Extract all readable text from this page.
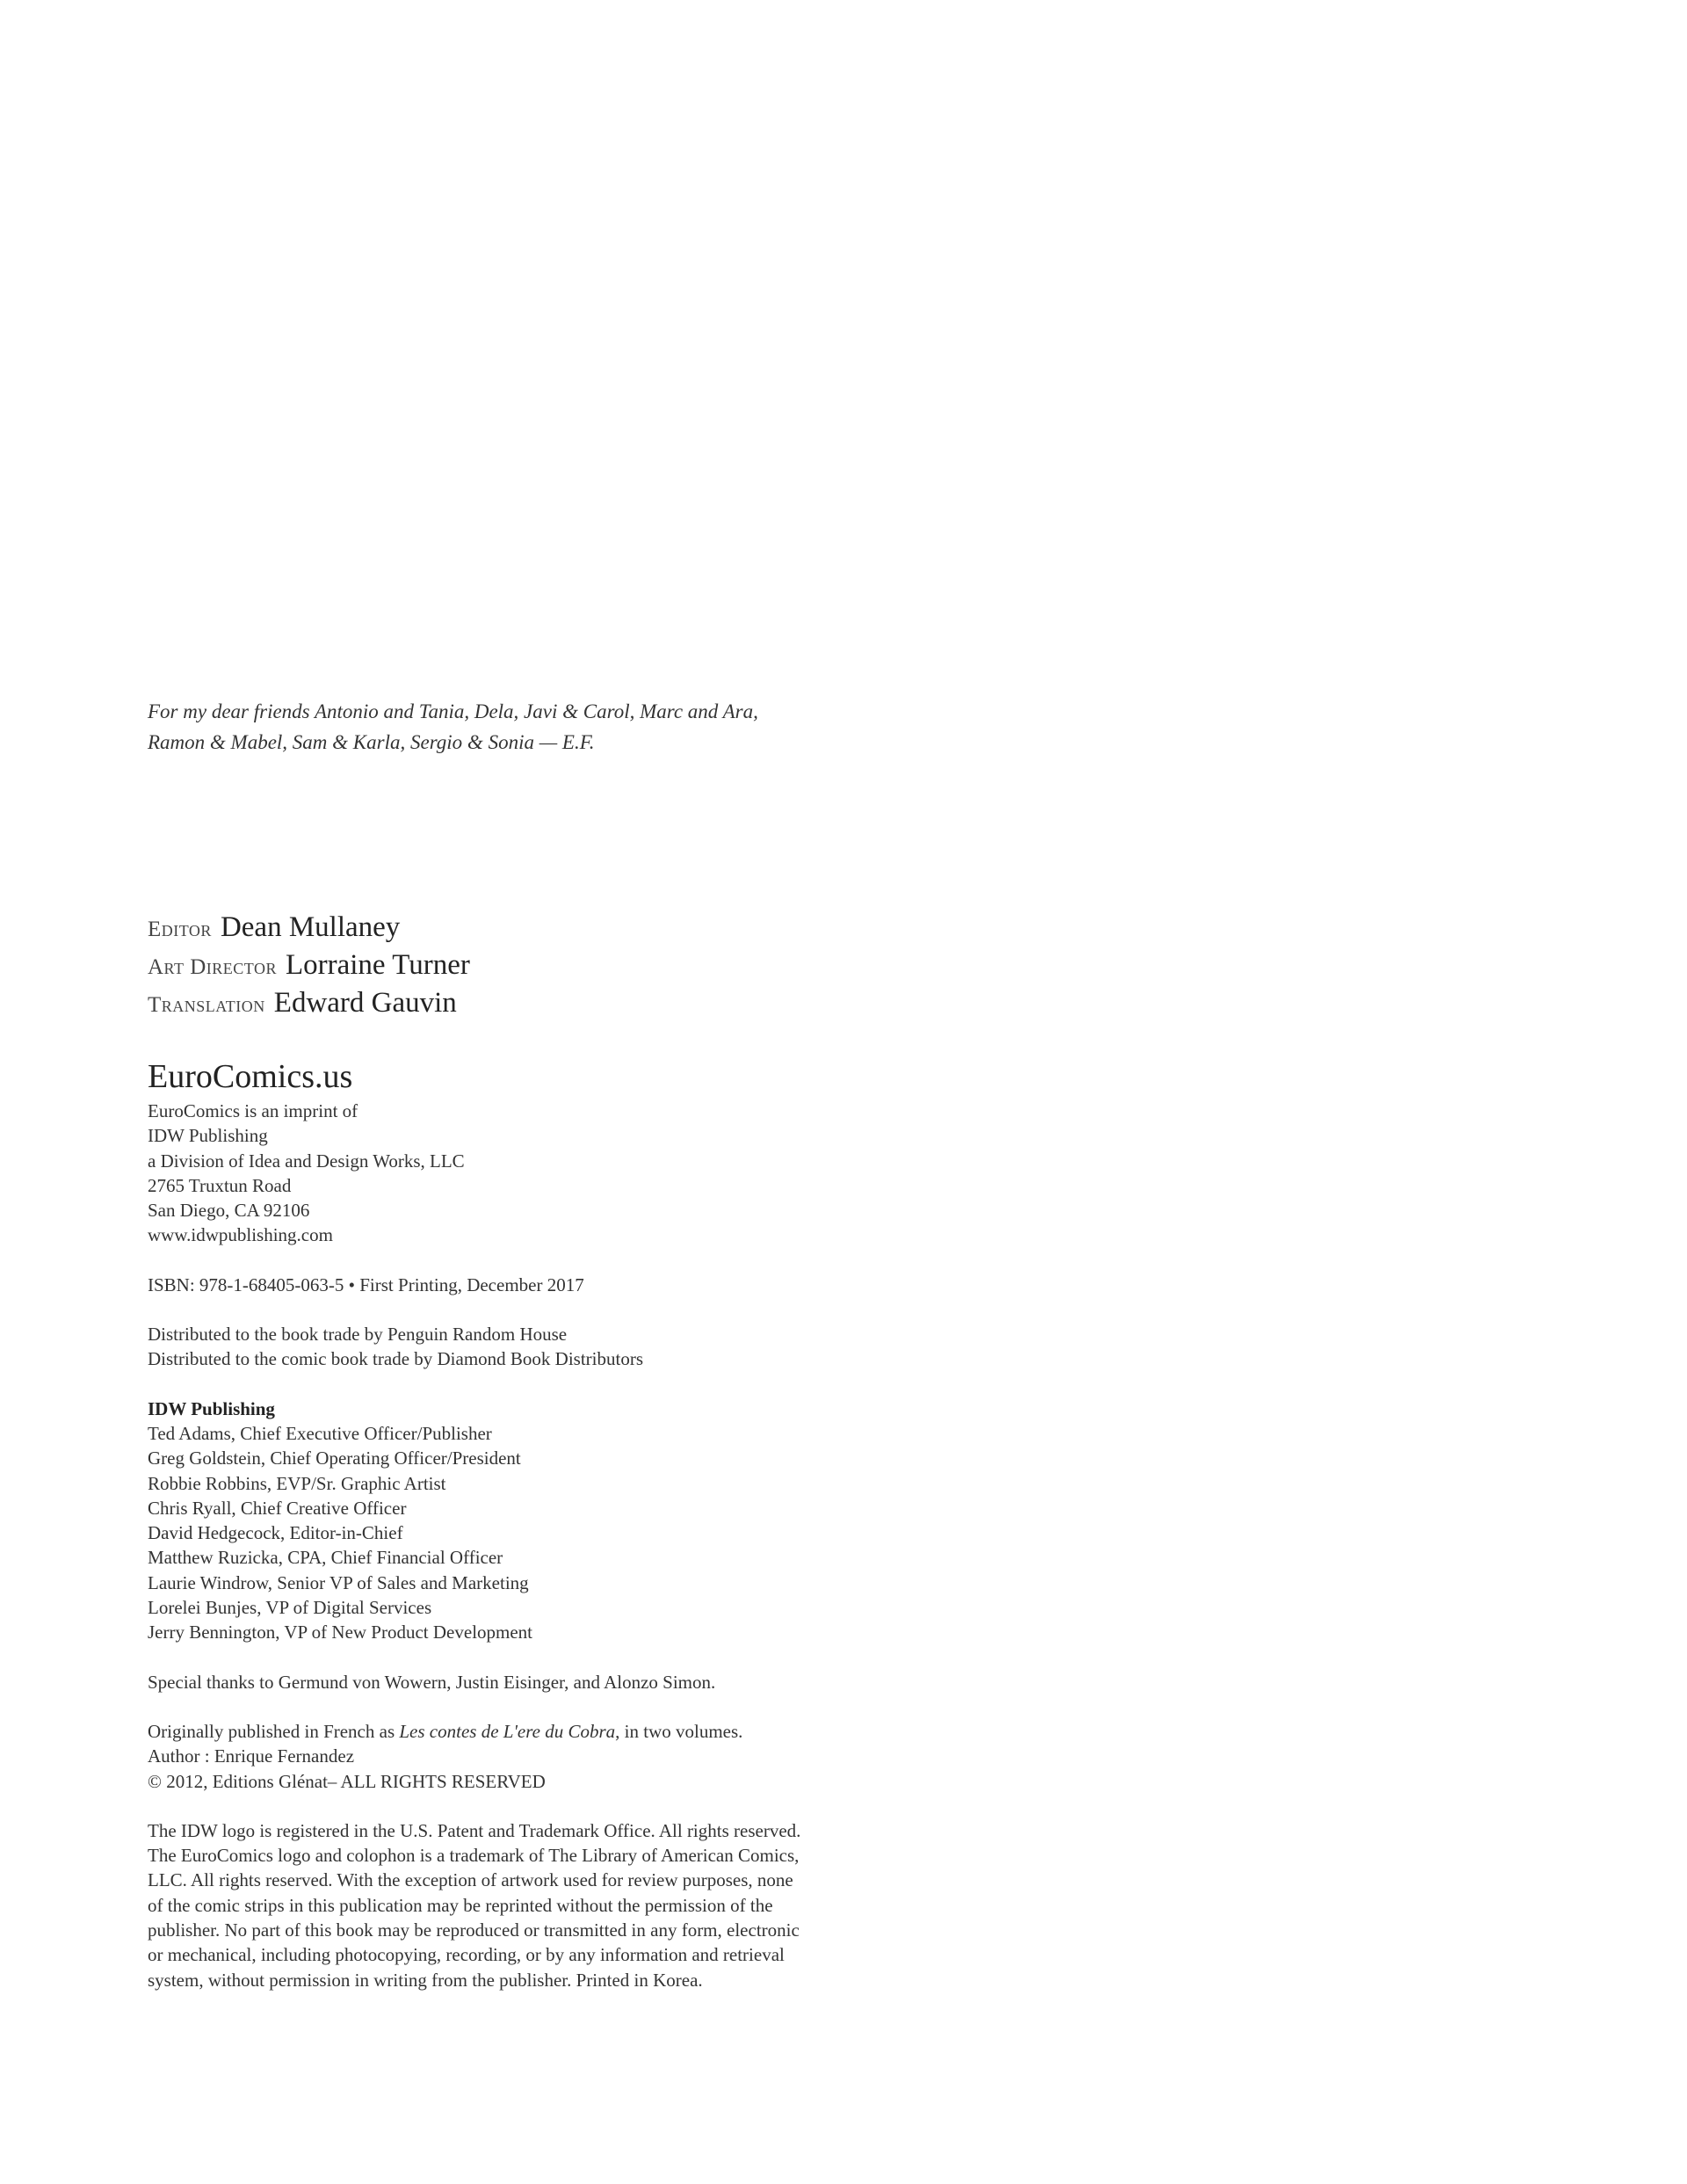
For my dear friends Antonio and Tania, Dela, Javi & Carol, Marc and Ara,
Ramon & Mabel, Sam & Karla, Sergio & Sonia — E.F.
Editor Dean Mullaney
Art Director Lorraine Turner
Translation Edward Gauvin
EuroComics.us
EuroComics is an imprint of
IDW Publishing
a Division of Idea and Design Works, LLC
2765 Truxtun Road
San Diego, CA 92106
www.idwpublishing.com
ISBN: 978-1-68405-063-5 • First Printing, December 2017
Distributed to the book trade by Penguin Random House
Distributed to the comic book trade by Diamond Book Distributors
IDW Publishing
Ted Adams, Chief Executive Officer/Publisher
Greg Goldstein, Chief Operating Officer/President
Robbie Robbins, EVP/Sr. Graphic Artist
Chris Ryall, Chief Creative Officer
David Hedgecock, Editor-in-Chief
Matthew Ruzicka, CPA, Chief Financial Officer
Laurie Windrow, Senior VP of Sales and Marketing
Lorelei Bunjes, VP of Digital Services
Jerry Bennington, VP of New Product Development
Special thanks to Germund von Wowern, Justin Eisinger, and Alonzo Simon.
Originally published in French as Les contes de L'ere du Cobra, in two volumes.
Author : Enrique Fernandez
© 2012, Editions Glénat– ALL RIGHTS RESERVED
The IDW logo is registered in the U.S. Patent and Trademark Office. All rights reserved.
The EuroComics logo and colophon is a trademark of The Library of American Comics,
LLC. All rights reserved. With the exception of artwork used for review purposes, none
of the comic strips in this publication may be reprinted without the permission of the
publisher. No part of this book may be reproduced or transmitted in any form, electronic
or mechanical, including photocopying, recording, or by any information and retrieval
system, without permission in writing from the publisher. Printed in Korea.
